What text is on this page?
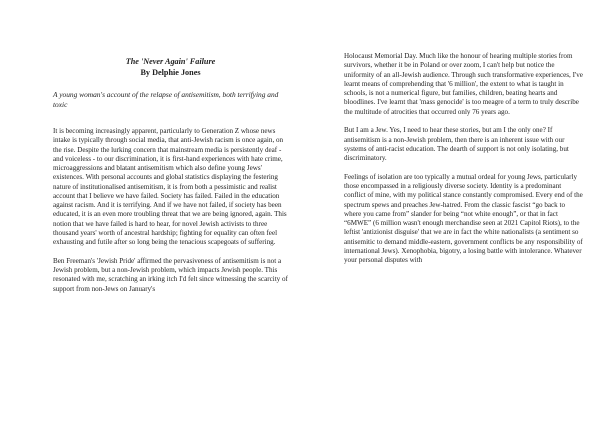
The 'Never Again' Failure
By Delphie Jones
A young woman's account of the relapse of antisemitism, both terrifying and toxic

It is becoming increasingly apparent, particularly to Generation Z whose news intake is typically through social media, that anti-Jewish racism is once again, on the rise. Despite the lurking concern that mainstream media is persistently deaf - and voiceless - to our discrimination, it is first-hand experiences with hate crime, microaggressions and blatant antisemitism which also define young Jews' existences. With personal accounts and global statistics displaying the festering nature of institutionalised antisemitism, it is from both a pessimistic and realist account that I believe we have failed. Society has failed. Failed in the education against racism. And it is terrifying. And if we have not failed, if society has been educated, it is an even more troubling threat that we are being ignored, again. This notion that we have failed is hard to hear, for novel Jewish activists to three thousand years' worth of ancestral hardship; fighting for equality can often feel exhausting and futile after so long being the tenacious scapegoats of suffering.

Ben Freeman's 'Jewish Pride' affirmed the pervasiveness of antisemitism is not a Jewish problem, but a non-Jewish problem, which impacts Jewish people. This resonated with me, scratching an irking itch I'd felt since witnessing the scarcity of support from non-Jews on January's

Holocaust Memorial Day. Much like the honour of hearing multiple stories from survivors, whether it be in Poland or over zoom, I can't help but notice the uniformity of an all-Jewish audience. Through such transformative experiences, I've learnt means of comprehending that '6 million', the extent to what is taught in schools, is not a numerical figure, but families, children, beating hearts and bloodlines. I've learnt that 'mass genocide' is too meagre of a term to truly describe the multitude of atrocities that occurred only 76 years ago.

But I am a Jew. Yes, I need to hear these stories, but am I the only one? If antisemitism is a non-Jewish problem, then there is an inherent issue with our systems of anti-racist education. The dearth of support is not only isolating, but discriminatory.

Feelings of isolation are too typically a mutual ordeal for young Jews, particularly those encompassed in a religiously diverse society. Identity is a predominant conflict of mine, with my political stance constantly compromised. Every end of the spectrum spews and preaches Jew-hatred. From the classic fascist “go back to where you came from” slander for being “not white enough”, or that in fact “6MWE” (6 million wasn't enough merchandise seen at 2021 Capitol Riots), to the leftist 'antizionist disguise' that we are in fact the white nationalists (a sentiment so antisemitic to demand middle-eastern, government conflicts be any responsibility of international Jews). Xenophobia, bigotry, a losing battle with intolerance. Whatever your personal disputes with
